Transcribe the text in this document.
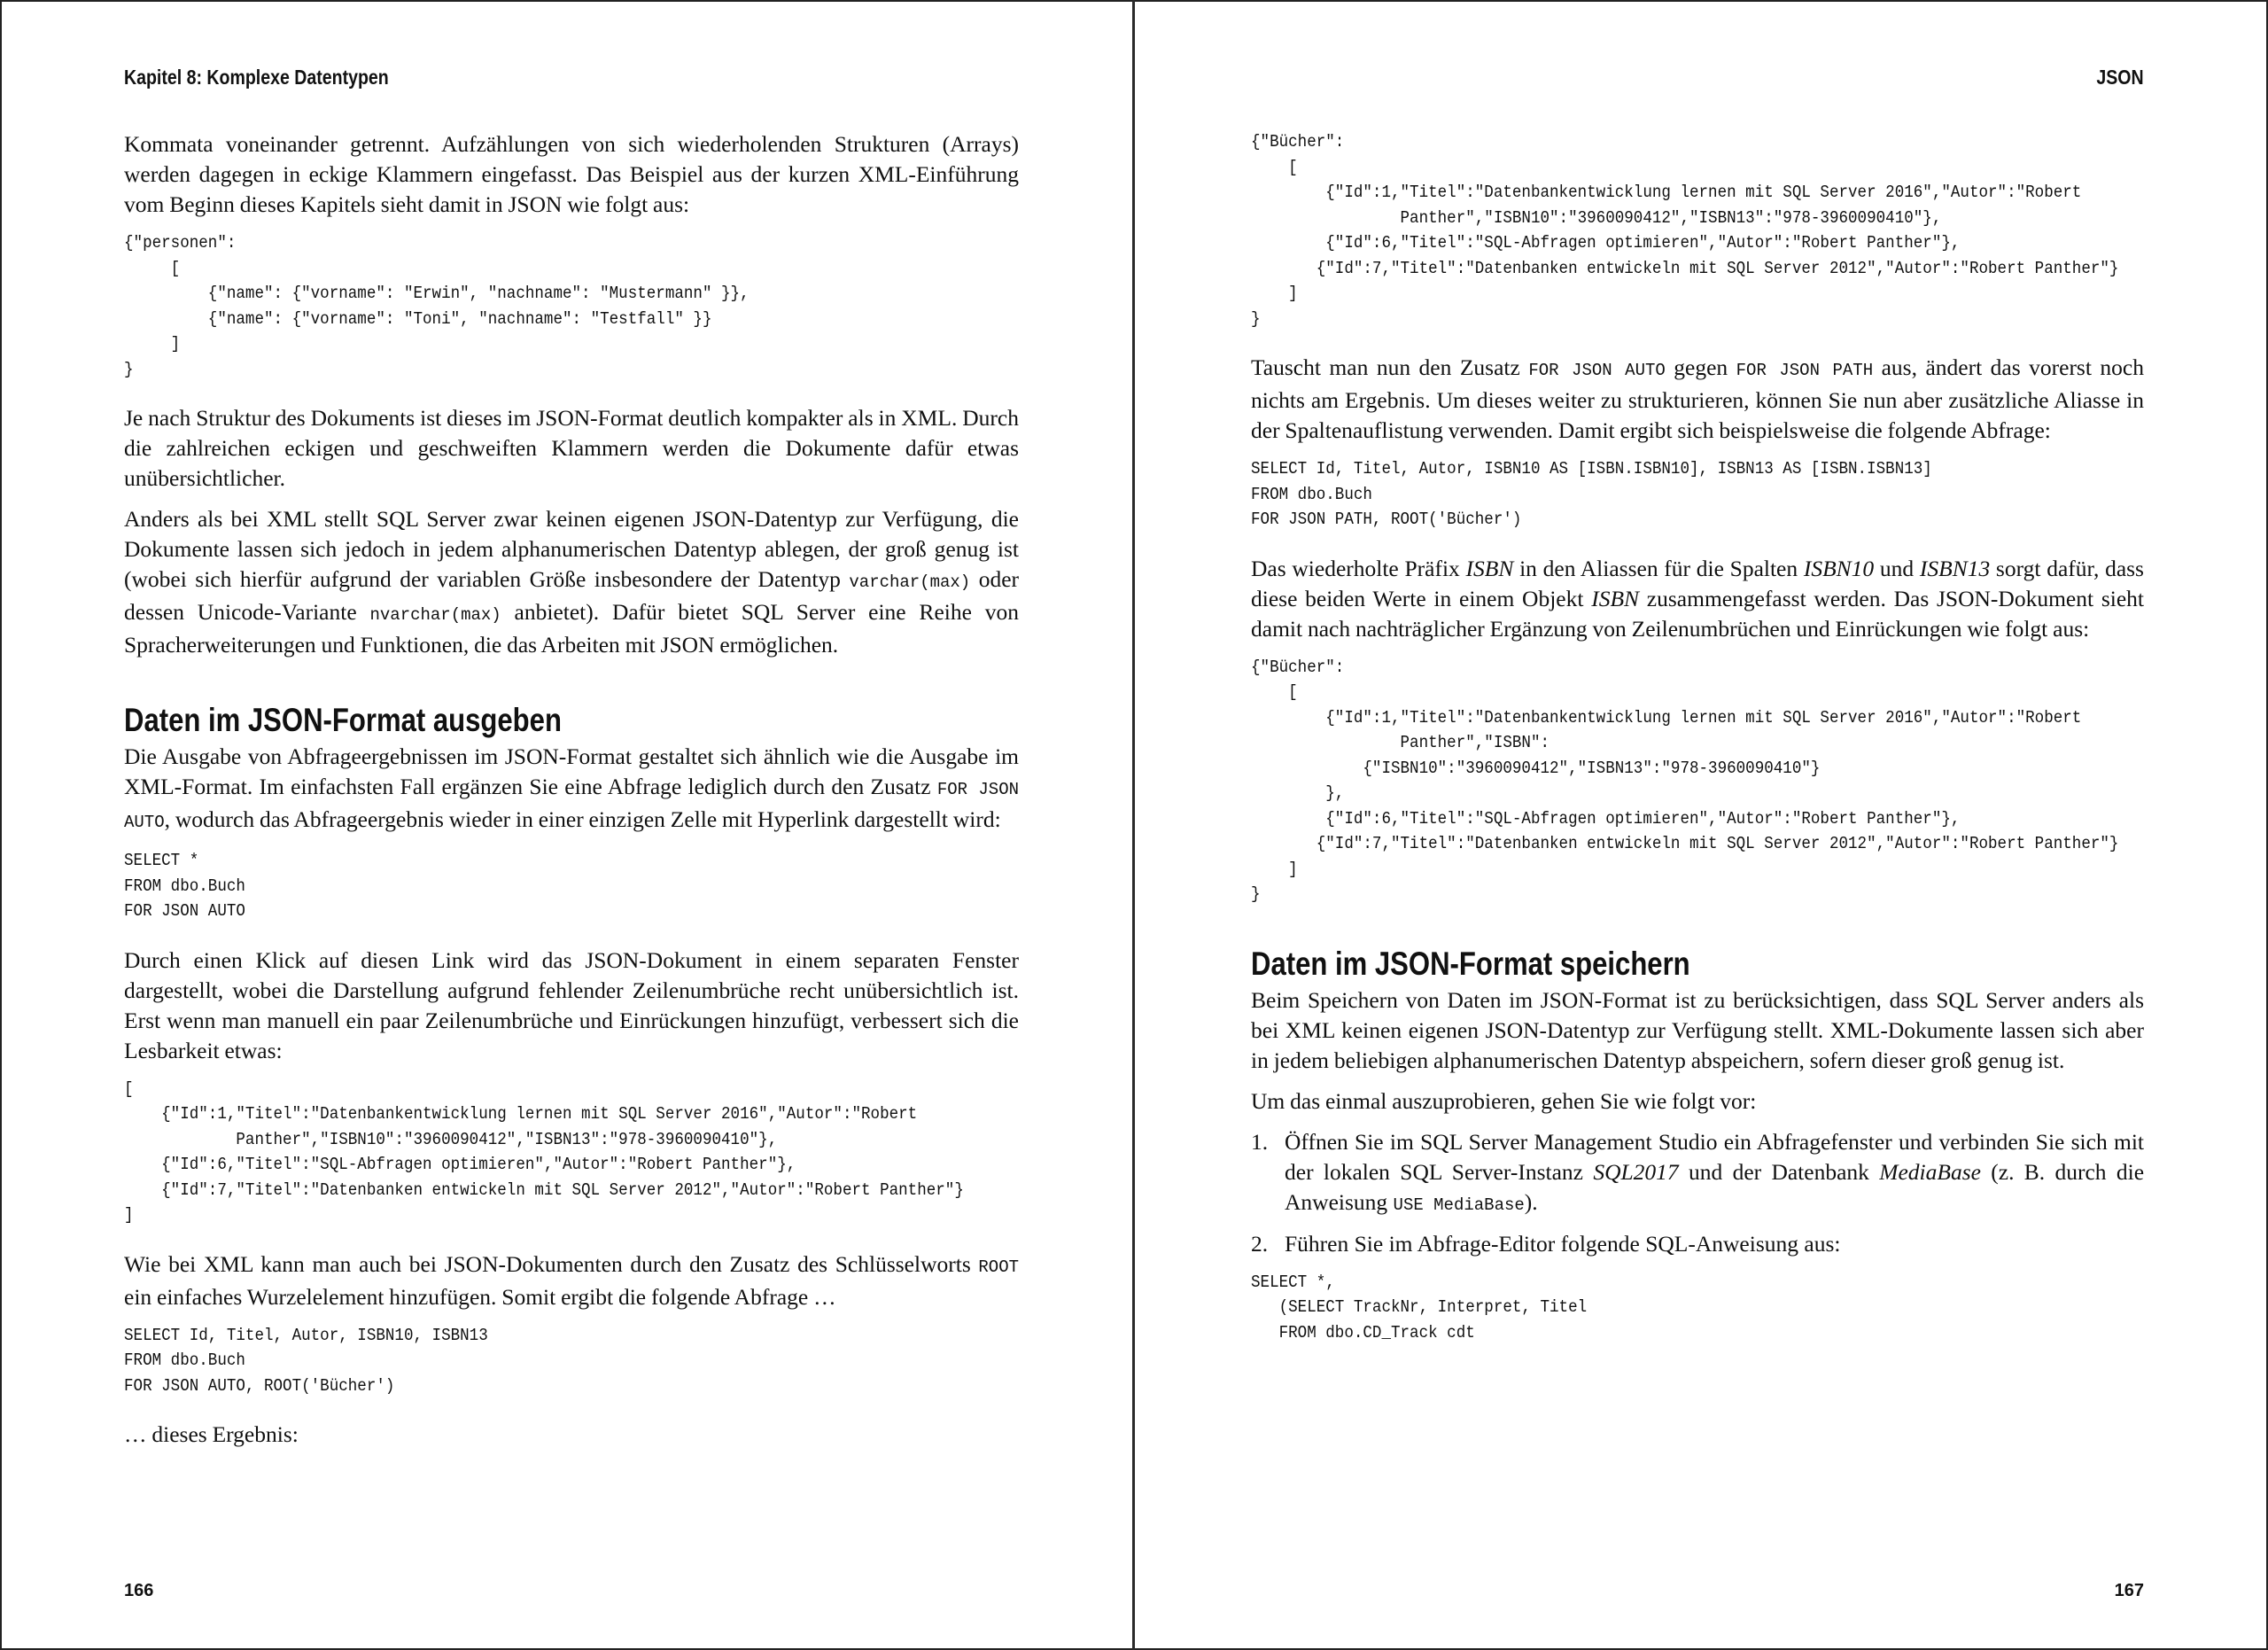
Kapitel 8: Komplexe Datentypen

Kommata voneinander getrennt. Aufzählungen von sich wiederholenden Strukturen (Arrays) werden dagegen in eckige Klammern eingefasst. Das Beispiel aus der kurzen XML-Einführung vom Beginn dieses Kapitels sieht damit in JSON wie folgt aus:

{"personen":
[
{"name": {"vorname": "Erwin", "nachname": "Mustermann" }},
{"name": {"vorname": "Toni", "nachname": "Testfall" }}
]
}

Je nach Struktur des Dokuments ist dieses im JSON-Format deutlich kompakter als in XML. Durch die zahlreichen eckigen und geschweiften Klammern werden die Dokumente dafür etwas unübersichtlicher.

Anders als bei XML stellt SQL Server zwar keinen eigenen JSON-Datentyp zur Verfügung, die Dokumente lassen sich jedoch in jedem alphanumerischen Datentyp ablegen, der groß genug ist (wobei sich hierfür aufgrund der variablen Größe insbesondere der Datentyp varchar(max) oder dessen Unicode-Variante nvarchar(max) anbietet). Dafür bietet SQL Server eine Reihe von Spracherweiterungen und Funktionen, die das Arbeiten mit JSON ermöglichen.

Daten im JSON-Format ausgeben

Die Ausgabe von Abfrageergebnissen im JSON-Format gestaltet sich ähnlich wie die Ausgabe im XML-Format. Im einfachsten Fall ergänzen Sie eine Abfrage lediglich durch den Zusatz FOR JSON AUTO, wodurch das Abfrageergebnis wieder in einer einzigen Zelle mit Hyperlink dargestellt wird:

SELECT *
FROM dbo.Buch
FOR JSON AUTO

Durch einen Klick auf diesen Link wird das JSON-Dokument in einem separaten Fenster dargestellt, wobei die Darstellung aufgrund fehlender Zeilenumbrüche recht unübersichtlich ist. Erst wenn man manuell ein paar Zeilenumbrüche und Einrückungen hinzufügt, verbessert sich die Lesbarkeit etwas:

[
{"Id":1,"Titel":"Datenbankentwicklung lernen mit SQL Server 2016","Autor":"Robert
Panther","ISBN10":"3960090412","ISBN13":"978-3960090410"},
{"Id":6,"Titel":"SQL-Abfragen optimieren","Autor":"Robert Panther"},
{"Id":7,"Titel":"Datenbanken entwickeln mit SQL Server 2012","Autor":"Robert Panther"}
]

Wie bei XML kann man auch bei JSON-Dokumenten durch den Zusatz des Schlüsselworts ROOT ein einfaches Wurzelelement hinzufügen. Somit ergibt die folgende Abfrage …

SELECT Id, Titel, Autor, ISBN10, ISBN13
FROM dbo.Buch
FOR JSON AUTO, ROOT('Bücher')

… dieses Ergebnis:

166
JSON
{"Bücher":
[
{"Id":1,"Titel":"Datenbankentwicklung lernen mit SQL Server 2016","Autor":"Robert
Panther","ISBN10":"3960090412","ISBN13":"978-3960090410"},
{"Id":6,"Titel":"SQL-Abfragen optimieren","Autor":"Robert Panther"},
{"Id":7,"Titel":"Datenbanken entwickeln mit SQL Server 2012","Autor":"Robert Panther"}
]
}

Tauscht man nun den Zusatz FOR JSON AUTO gegen FOR JSON PATH aus, ändert das vorerst noch nichts am Ergebnis. Um dieses weiter zu strukturieren, können Sie nun aber zusätzliche Aliasse in der Spaltenauflistung verwenden. Damit ergibt sich beispielsweise die folgende Abfrage:

SELECT Id, Titel, Autor, ISBN10 AS [ISBN.ISBN10], ISBN13 AS [ISBN.ISBN13]
FROM dbo.Buch
FOR JSON PATH, ROOT('Bücher')

Das wiederholte Präfix ISBN in den Aliassen für die Spalten ISBN10 und ISBN13 sorgt dafür, dass diese beiden Werte in einem Objekt ISBN zusammengefasst werden. Das JSON-Dokument sieht damit nach nachträglicher Ergänzung von Zeilenumbrüchen und Einrückungen wie folgt aus:

{"Bücher":
[
{"Id":1,"Titel":"Datenbankentwicklung lernen mit SQL Server 2016","Autor":"Robert
Panther","ISBN":
{"ISBN10":"3960090412","ISBN13":"978-3960090410"}
},
{"Id":6,"Titel":"SQL-Abfragen optimieren","Autor":"Robert Panther"},
{"Id":7,"Titel":"Datenbanken entwickeln mit SQL Server 2012","Autor":"Robert Panther"}
]
}
Daten im JSON-Format speichern

Beim Speichern von Daten im JSON-Format ist zu berücksichtigen, dass SQL Server anders als bei XML keinen eigenen JSON-Datentyp zur Verfügung stellt. XML-Dokumente lassen sich aber in jedem beliebigen alphanumerischen Datentyp abspeichern, sofern dieser groß genug ist.

Um das einmal auszuprobieren, gehen Sie wie folgt vor:

1. Öffnen Sie im SQL Server Management Studio ein Abfragefenster und verbinden Sie sich mit der lokalen SQL Server-Instanz SQL2017 und der Datenbank MediaBase (z. B. durch die Anweisung USE MediaBase).
2. Führen Sie im Abfrage-Editor folgende SQL-Anweisung aus:
SELECT *,
(SELECT TrackNr, Interpret, Titel
FROM dbo.CD_Track cdt
167
